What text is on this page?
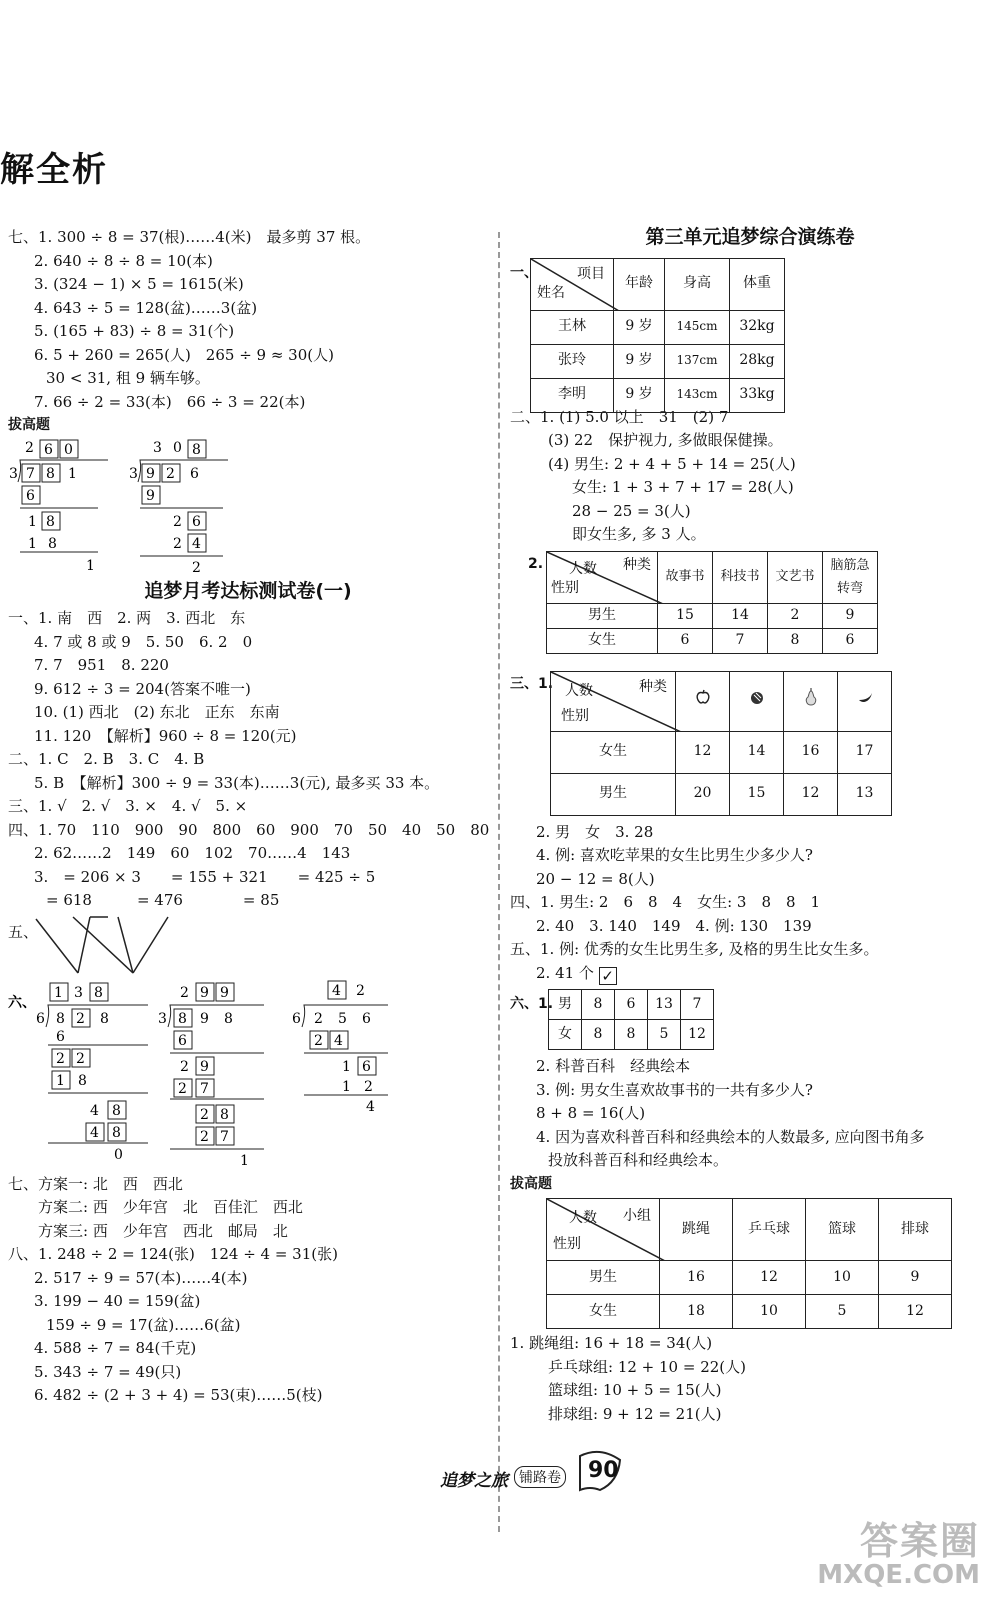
解全析
七、1. 300 ÷ 8 = 37(根)……4(米)　最多剪 37 根。
2. 640 ÷ 8 ÷ 8 = 10(本)
3. (324 − 1) × 5 = 1615(米)
4. 643 ÷ 5 = 128(盆)……3(盆)
5. (165 + 83) ÷ 8 = 31(个)
6. 5 + 260 = 265(人)　265 ÷ 9 ≈ 30(人)
30 < 31, 租 9 辆车够。
7. 66 ÷ 2 = 33(本)　66 ÷ 3 = 22(本)
拔高题
2 6 0
3 7 8 1
6
1 8
1 8
1
3 0 8
3 9 2 6
9
2 6
2 4
2
追梦月考达标测试卷(一)
一、1. 南　西　2. 两　3. 西北　东
4. 7 或 8 或 9　5. 50　6. 2　0
7. 7　951　8. 220
9. 612 ÷ 3 = 204(答案不唯一)
10. (1) 西北　(2) 东北　正东　东南
11. 120　【解析】960 ÷ 8 = 120(元)
二、1. C　2. B　3. C　4. B
5. B　【解析】300 ÷ 9 = 33(本)……3(元), 最多买 33 本。
三、1. √　2. √　3. ×　4. √　5. ×
四、1. 70　110　900　90　800　60　900　70　50　40　50　80
2. 62……2　149　60　102　70……4　143
3.　= 206 × 3　　= 155 + 321　　= 425 ÷ 5
= 618　　　= 476　　　　= 85
五、
六、
1 3 8
6 8 2 8
6
2 2
1 8
4 8
4 8
0
2 9 9
3 8 9 8
6
2 9
2 7
2 8
2 7
1
4 2
6 2 5 6
2 4
1 6
1 2
4
七、方案一: 北　西　西北
方案二: 西　少年宫　北　百佳汇　西北
方案三: 西　少年宫　西北　邮局　北
八、1. 248 ÷ 2 = 124(张)　124 ÷ 4 = 31(张)
2. 517 ÷ 9 = 57(本)……4(本)
3. 199 − 40 = 159(盆)
159 ÷ 9 = 17(盆)……6(盆)
4. 588 ÷ 7 = 84(千克)
5. 343 ÷ 7 = 49(只)
6. 482 ÷ (2 + 3 + 4) = 53(束)……5(枝)
第三单元追梦综合演练卷
一、	项目
姓名	年龄	身高	体重
王林	9 岁	145cm	32kg
张玲	9 岁	137cm	28kg
李明	9 岁	143cm	33kg
二、1. (1) 5.0 以上　31　(2) 7
(3) 22　保护视力, 多做眼保健操。
(4) 男生: 2 + 4 + 5 + 14 = 25(人)
女生: 1 + 3 + 7 + 17 = 28(人)
28 − 25 = 3(人)
即女生多, 多 3 人。
2.	种类
人数
性别	故事书	科技书	文艺书	脑筋急转弯
男生	15	14	2	9
女生	6	7	8	6
三、1.	种类
人数
性别

女生	12	14	16	17
男生	20	15	12	13
2. 男　女　3. 28
4. 例: 喜欢吃苹果的女生比男生少多少人?
20 − 12 = 8(人)
四、1. 男生: 2　6　8　4　女生: 3　8　8　1
2. 40　3. 140　149　4. 例: 130　139
五、1. 例: 优秀的女生比男生多, 及格的男生比女生多。
2. 41 个 ✓
六、1. 男	8	6	13	7
女	8	8	5	12
2. 科普百科　经典绘本
3. 例: 男女生喜欢故事书的一共有多少人?
8 + 8 = 16(人)
4. 因为喜欢科普百科和经典绘本的人数最多, 应向图书角多
投放科普百科和经典绘本。
拔高题
小组
人数
性别	跳绳	乒乓球	篮球	排球
男生	16	12	10	9
女生	18	10	5	12
1. 跳绳组: 16 + 18 = 34(人)
乒乓球组: 12 + 10 = 22(人)
篮球组: 10 + 5 = 15(人)
排球组: 9 + 12 = 21(人)
追梦之旅 铺路卷 90
答案圈
MXQE.COM
